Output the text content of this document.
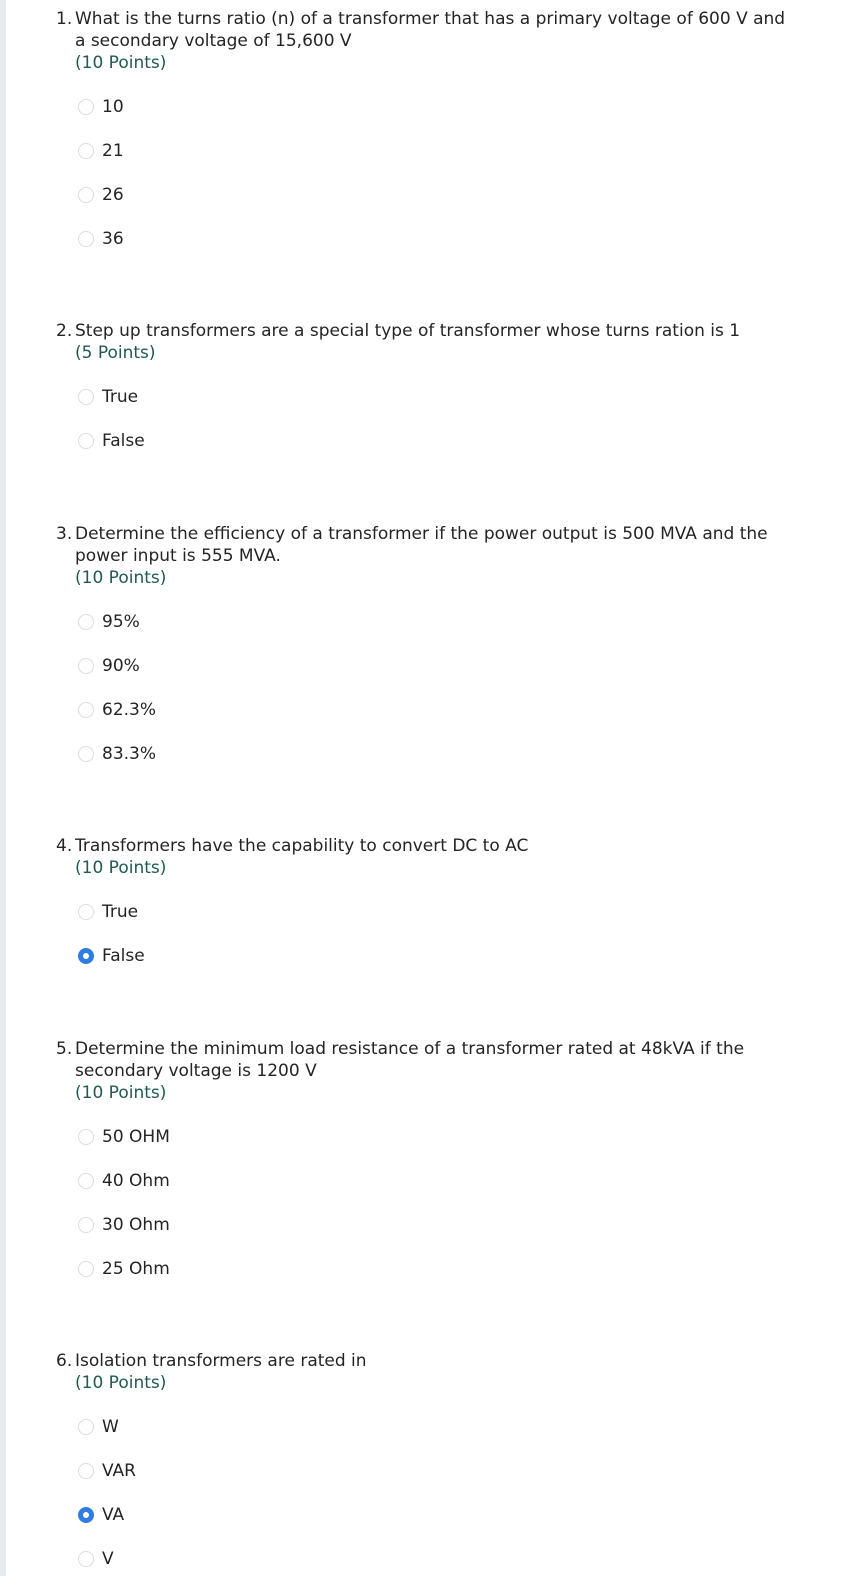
1. What is the turns ratio (n) of a transformer that has a primary voltage of 600 V and a secondary voltage of 15,600 V
(10 Points)
10
21
26
36
2. Step up transformers are a special type of transformer whose turns ration is 1
(5 Points)
True
False
3. Determine the efficiency of a transformer if the power output is 500 MVA and the power input is 555 MVA.
(10 Points)
95%
90%
62.3%
83.3%
4. Transformers have the capability to convert DC to AC
(10 Points)
True
False
5. Determine the minimum load resistance of a transformer rated at 48kVA if the secondary voltage is 1200 V
(10 Points)
50 OHM
40 Ohm
30 Ohm
25 Ohm
6. Isolation transformers are rated in
(10 Points)
W
VAR
VA
V
